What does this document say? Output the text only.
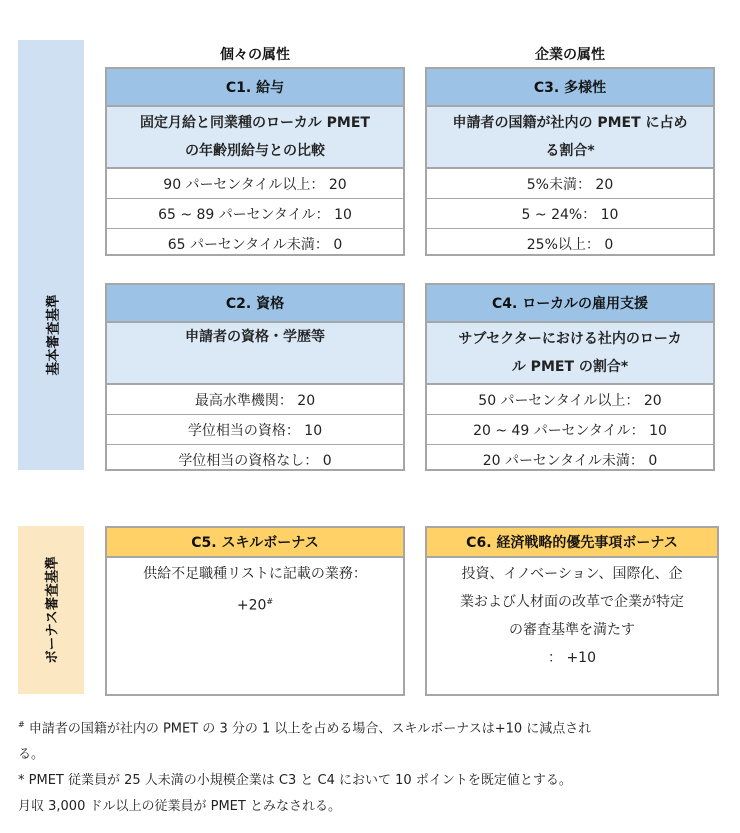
個々の属性	企業の属性
基本審査基準
ボーナス審査基準
C1. 給与
固定月給と同業種のローカル PMET
の年齢別給与との比較
90 パーセンタイル以上： 20
65 ~ 89 パーセンタイル： 10
65 パーセンタイル未満： 0
C3. 多様性
申請者の国籍が社内の PMET に占め
る割合*
5%未満： 20
5 ~ 24%： 10
25%以上： 0
C2. 資格
申請者の資格・学歴等
最高水準機関： 20
学位相当の資格： 10
学位相当の資格なし： 0
C4. ローカルの雇用支援
サブセクターにおける社内のローカ
ル PMET の割合*
50 パーセンタイル以上： 20
20 ~ 49 パーセンタイル： 10
20 パーセンタイル未満： 0
C5. スキルボーナス
供給不足職種リストに記載の業務：
+20#
C6. 経済戦略的優先事項ボーナス
投資、イノベーション、国際化、企
業および人材面の改革で企業が特定
の審査基準を満たす
： +10
# 申請者の国籍が社内の PMET の 3 分の 1 以上を占める場合、スキルボーナスは+10 に減点され
る。
* PMET 従業員が 25 人未満の小規模企業は C3 と C4 において 10 ポイントを既定値とする。
月収 3,000 ドル以上の従業員が PMET とみなされる。
